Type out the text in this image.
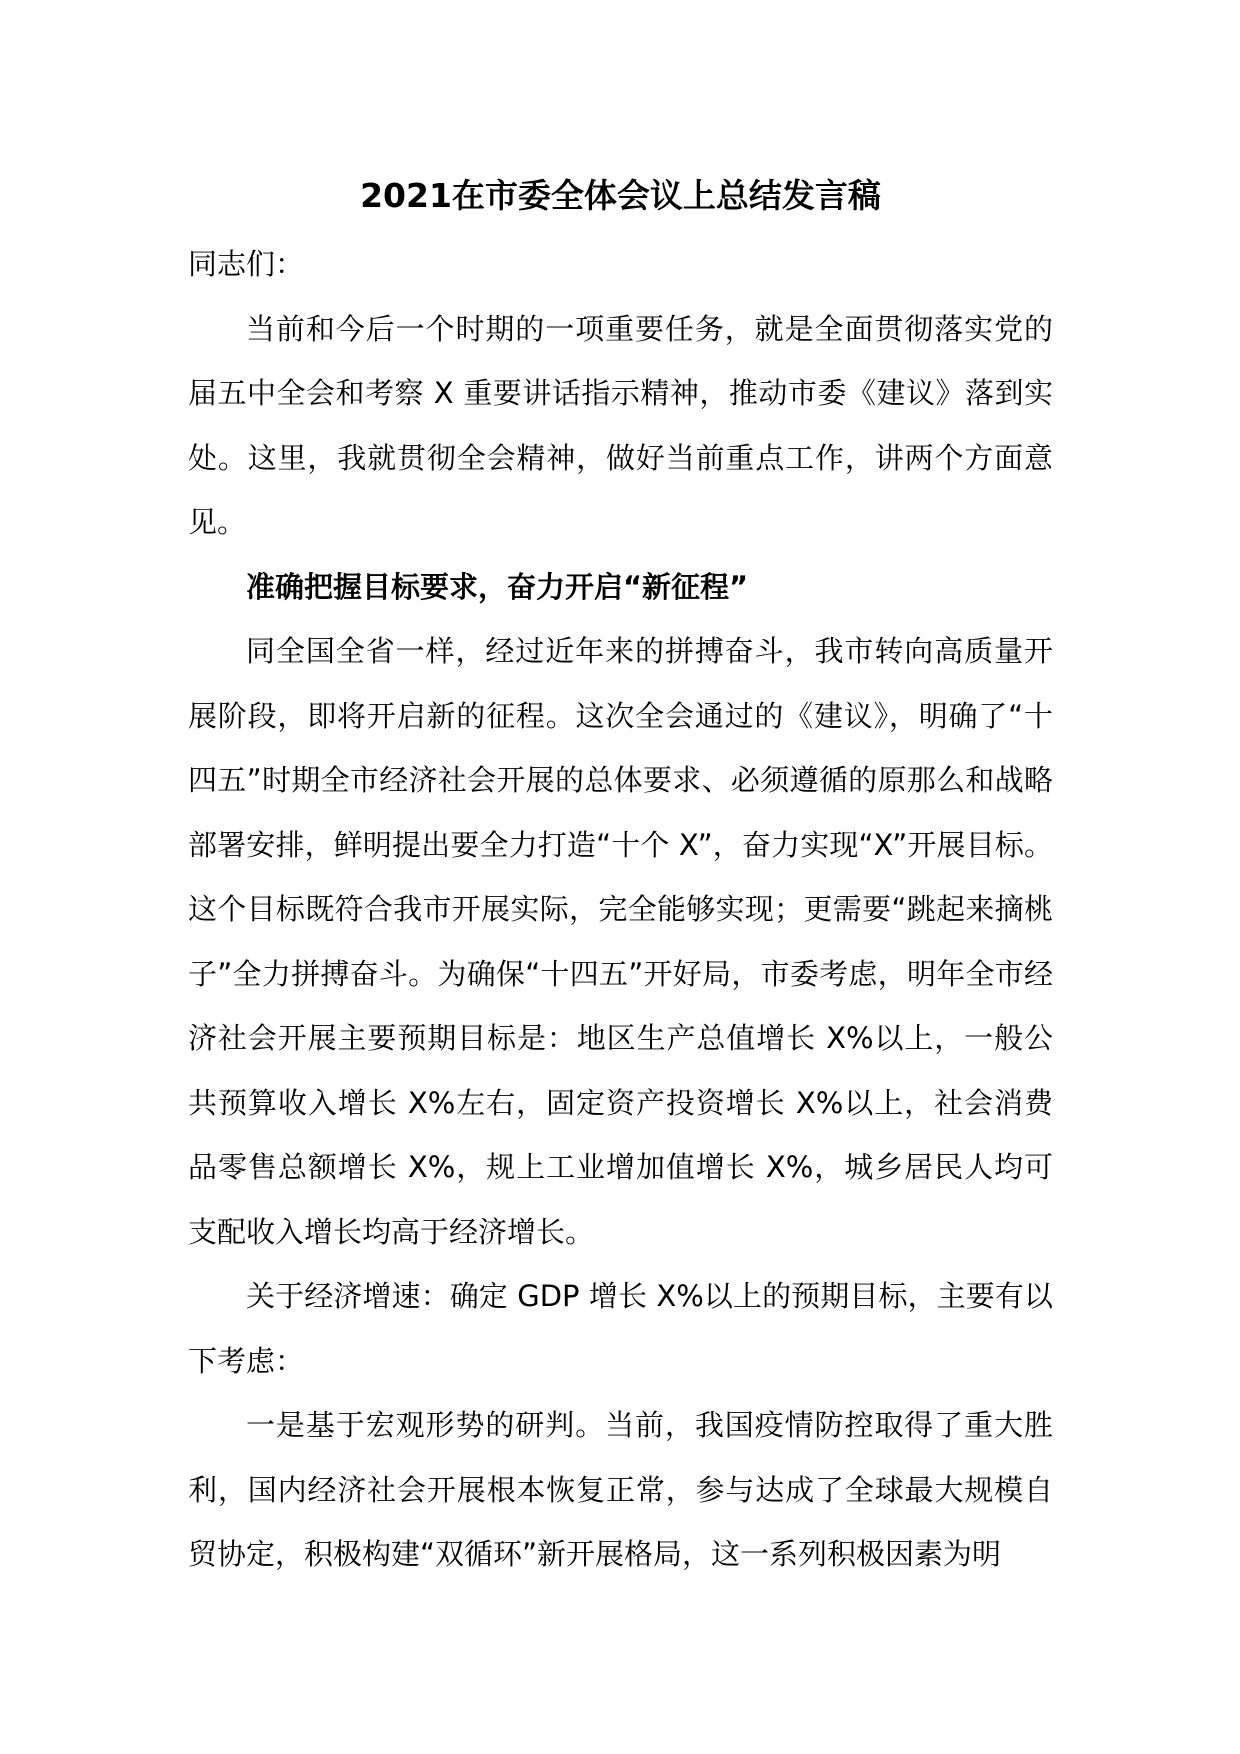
2021在市委全体会议上总结发言稿

同志们：

当前和今后一个时期的一项重要任务，就是全面贯彻落实党的届五中全会和考察 X 重要讲话指示精神，推动市委《建议》落到实处。这里，我就贯彻全会精神，做好当前重点工作，讲两个方面意见。

准确把握目标要求，奋力开启“新征程”

同全国全省一样，经过近年来的拼搏奋斗，我市转向高质量开展阶段，即将开启新的征程。这次全会通过的《建议》，明确了“十四五”时期全市经济社会开展的总体要求、必须遵循的原那么和战略部署安排，鲜明提出要全力打造“十个 X”，奋力实现“X”开展目标。这个目标既符合我市开展实际，完全能够实现；更需要“跳起来摘桃子”全力拼搏奋斗。为确保“十四五”开好局，市委考虑，明年全市经济社会开展主要预期目标是：地区生产总值增长 X%以上，一般公共预算收入增长 X%左右，固定资产投资增长 X%以上，社会消费品零售总额增长 X%，规上工业增加值增长 X%，城乡居民人均可支配收入增长均高于经济增长。

关于经济增速：确定 GDP 增长 X%以上的预期目标，主要有以下考虑：

一是基于宏观形势的研判。当前，我国疫情防控取得了重大胜利，国内经济社会开展根本恢复正常，参与达成了全球最大规模自贸协定，积极构建“双循环”新开展格局，这一系列积极因素为明
